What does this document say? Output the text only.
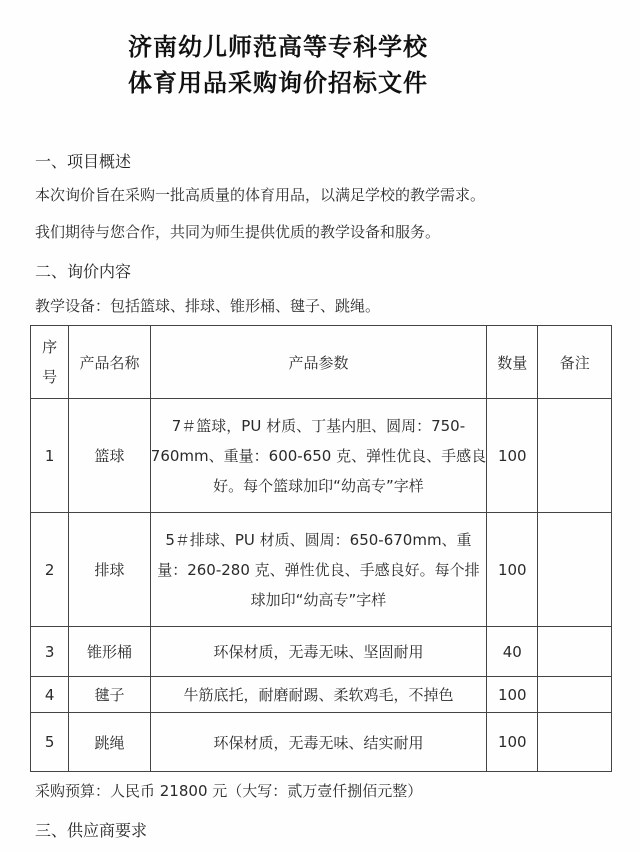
济南幼儿师范高等专科学校
体育用品采购询价招标文件
一、项目概述
本次询价旨在采购一批高质量的体育用品，以满足学校的教学需求。
我们期待与您合作，共同为师生提供优质的教学设备和服务。
二、询价内容
教学设备：包括篮球、排球、锥形桶、毽子、跳绳。
序号	产品名称	产品参数	数量	备注
1	篮球	7＃篮球，PU 材质、丁基内胆、圆周：750-760mm、重量：600-650 克、弹性优良、手感良好。每个篮球加印“幼高专”字样	100	
2	排球	5＃排球、PU 材质、圆周：650-670mm、重量：260-280 克、弹性优良、手感良好。每个排球加印“幼高专”字样	100	
3	锥形桶	环保材质，无毒无味、坚固耐用	40	
4	毽子	牛筋底托，耐磨耐踢、柔软鸡毛，不掉色	100	
5	跳绳	环保材质，无毒无味、结实耐用	100	
采购预算：人民币 21800 元（大写：贰万壹仟捌佰元整）
三、供应商要求
